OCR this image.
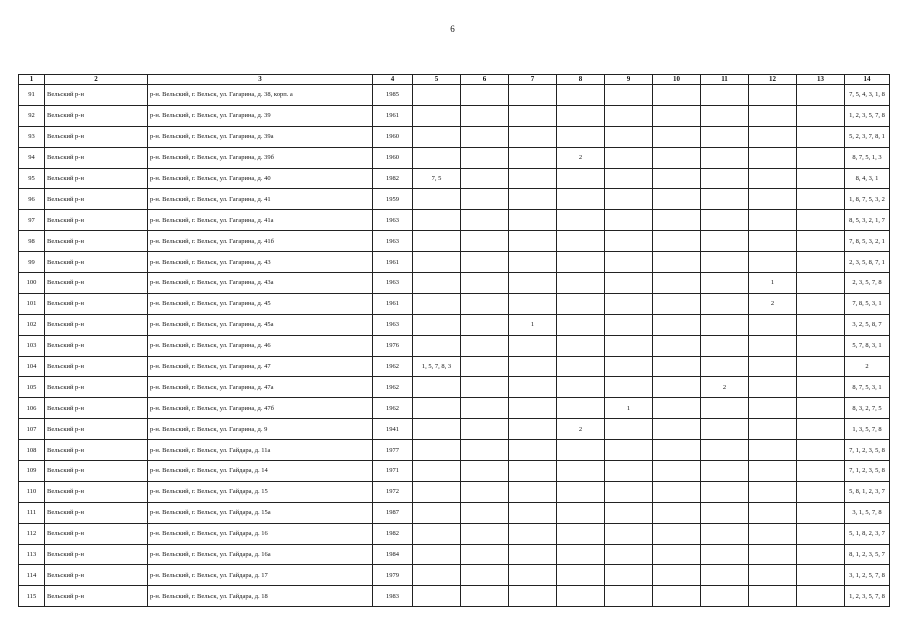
6
1	2	3	4	5	6	7	8	9	10	11	12	13	14
91	Вельский р-н	р-н. Вельский, г. Вельск, ул. Гагарина, д. 38, корп. а	1985										7, 5, 4, 3, 1, 8
92	Вельский р-н	р-н. Вельский, г. Вельск, ул. Гагарина, д. 39	1961										1, 2, 3, 5, 7, 8
93	Вельский р-н	р-н. Вельский, г. Вельск, ул. Гагарина, д. 39а	1960										5, 2, 3, 7, 8, 1
94	Вельский р-н	р-н. Вельский, г. Вельск, ул. Гагарина, д. 39б	1960				2						8, 7, 5, 1, 3
95	Вельский р-н	р-н. Вельский, г. Вельск, ул. Гагарина, д. 40	1982	7, 5									8, 4, 3, 1
96	Вельский р-н	р-н. Вельский, г. Вельск, ул. Гагарина, д. 41	1959										1, 8, 7, 5, 3, 2
97	Вельский р-н	р-н. Вельский, г. Вельск, ул. Гагарина, д. 41а	1963										8, 5, 3, 2, 1, 7
98	Вельский р-н	р-н. Вельский, г. Вельск, ул. Гагарина, д. 41б	1963										7, 8, 5, 3, 2, 1
99	Вельский р-н	р-н. Вельский, г. Вельск, ул. Гагарина, д. 43	1961										2, 3, 5, 8, 7, 1
100	Вельский р-н	р-н. Вельский, г. Вельск, ул. Гагарина, д. 43а	1963								1		2, 3, 5, 7, 8
101	Вельский р-н	р-н. Вельский, г. Вельск, ул. Гагарина, д. 45	1961								2		7, 8, 5, 3, 1
102	Вельский р-н	р-н. Вельский, г. Вельск, ул. Гагарина, д. 45а	1963			1							3, 2, 5, 8, 7
103	Вельский р-н	р-н. Вельский, г. Вельск, ул. Гагарина, д. 46	1976										5, 7, 8, 3, 1
104	Вельский р-н	р-н. Вельский, г. Вельск, ул. Гагарина, д. 47	1962	1, 5, 7, 8, 3									2
105	Вельский р-н	р-н. Вельский, г. Вельск, ул. Гагарина, д. 47а	1962							2			8, 7, 5, 3, 1
106	Вельский р-н	р-н. Вельский, г. Вельск, ул. Гагарина, д. 47б	1962					1					8, 3, 2, 7, 5
107	Вельский р-н	р-н. Вельский, г. Вельск, ул. Гагарина, д. 9	1941				2						1, 3, 5, 7, 8
108	Вельский р-н	р-н. Вельский, г. Вельск, ул. Гайдара, д. 11а	1977										7, 1, 2, 3, 5, 8
109	Вельский р-н	р-н. Вельский, г. Вельск, ул. Гайдара, д. 14	1971										7, 1, 2, 3, 5, 8
110	Вельский р-н	р-н. Вельский, г. Вельск, ул. Гайдара, д. 15	1972										5, 8, 1, 2, 3, 7
111	Вельский р-н	р-н. Вельский, г. Вельск, ул. Гайдара, д. 15а	1987										3, 1, 5, 7, 8
112	Вельский р-н	р-н. Вельский, г. Вельск, ул. Гайдара, д. 16	1982										5, 1, 8, 2, 3, 7
113	Вельский р-н	р-н. Вельский, г. Вельск, ул. Гайдара, д. 16а	1984										8, 1, 2, 3, 5, 7
114	Вельский р-н	р-н. Вельский, г. Вельск, ул. Гайдара, д. 17	1979										3, 1, 2, 5, 7, 8
115	Вельский р-н	р-н. Вельский, г. Вельск, ул. Гайдара, д. 18	1983										1, 2, 3, 5, 7, 8
